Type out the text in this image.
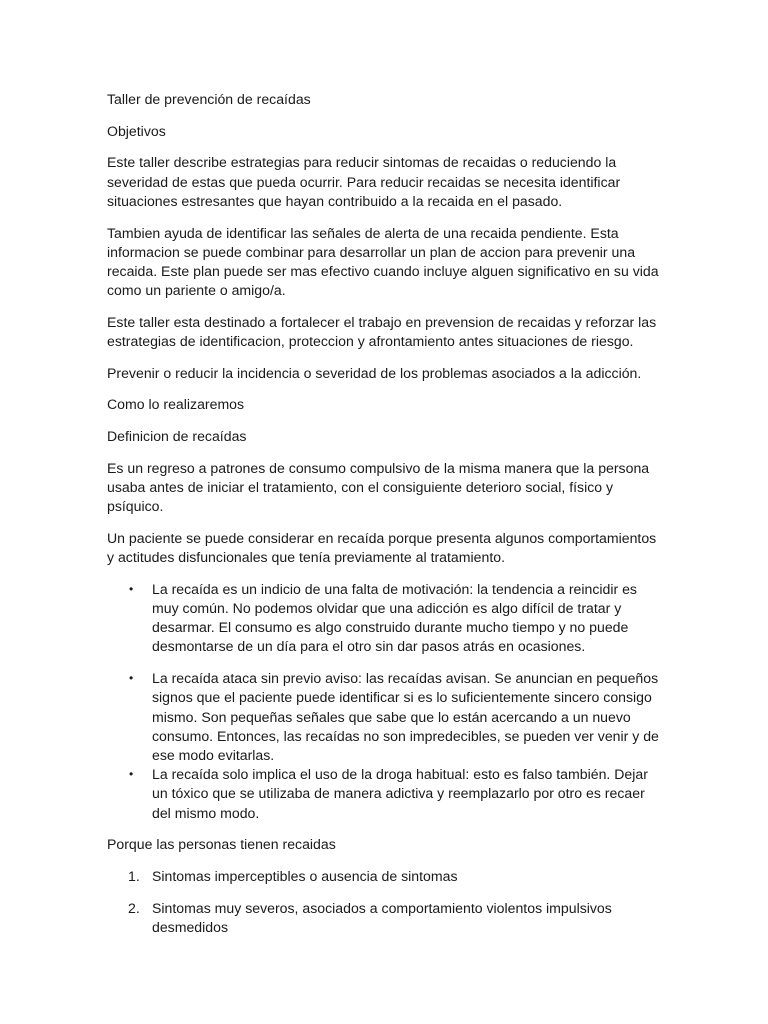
Taller de prevención de recaídas

Objetivos

Este taller describe estrategias para reducir sintomas de recaidas o reduciendo la severidad de estas que pueda ocurrir. Para reducir recaidas se necesita identificar situaciones estresantes que hayan contribuido a la recaida en el pasado.

Tambien ayuda de identificar las señales de alerta de una recaida pendiente. Esta informacion se puede combinar para desarrollar un plan de accion para prevenir una recaida. Este plan puede ser mas efectivo cuando incluye alguen significativo en su vida como un pariente o amigo/a.

Este taller esta destinado a fortalecer el trabajo en prevension de recaidas y reforzar las estrategias de identificacion, proteccion y afrontamiento antes situaciones de riesgo.

Prevenir o reducir la incidencia o severidad de los problemas asociados a la adicción.

Como lo realizaremos

Definicion de recaídas

Es un regreso a patrones de consumo compulsivo de la misma manera que la persona usaba antes de iniciar el tratamiento, con el consiguiente deterioro social, físico y psíquico.

Un paciente se puede considerar en recaída porque presenta algunos comportamientos y actitudes disfuncionales que tenía previamente al tratamiento.

• La recaída es un indicio de una falta de motivación: la tendencia a reincidir es muy común. No podemos olvidar que una adicción es algo difícil de tratar y desarmar. El consumo es algo construido durante mucho tiempo y no puede desmontarse de un día para el otro sin dar pasos atrás en ocasiones.
• La recaída ataca sin previo aviso: las recaídas avisan. Se anuncian en pequeños signos que el paciente puede identificar si es lo suficientemente sincero consigo mismo. Son pequeñas señales que sabe que lo están acercando a un nuevo consumo. Entonces, las recaídas no son impredecibles, se pueden ver venir y de ese modo evitarlas.
• La recaída solo implica el uso de la droga habitual: esto es falso también. Dejar un tóxico que se utilizaba de manera adictiva y reemplazarlo por otro es recaer del mismo modo.

Porque las personas tienen recaidas

1. Sintomas imperceptibles o ausencia de sintomas
2. Sintomas muy severos, asociados a comportamiento violentos impulsivos desmedidos
